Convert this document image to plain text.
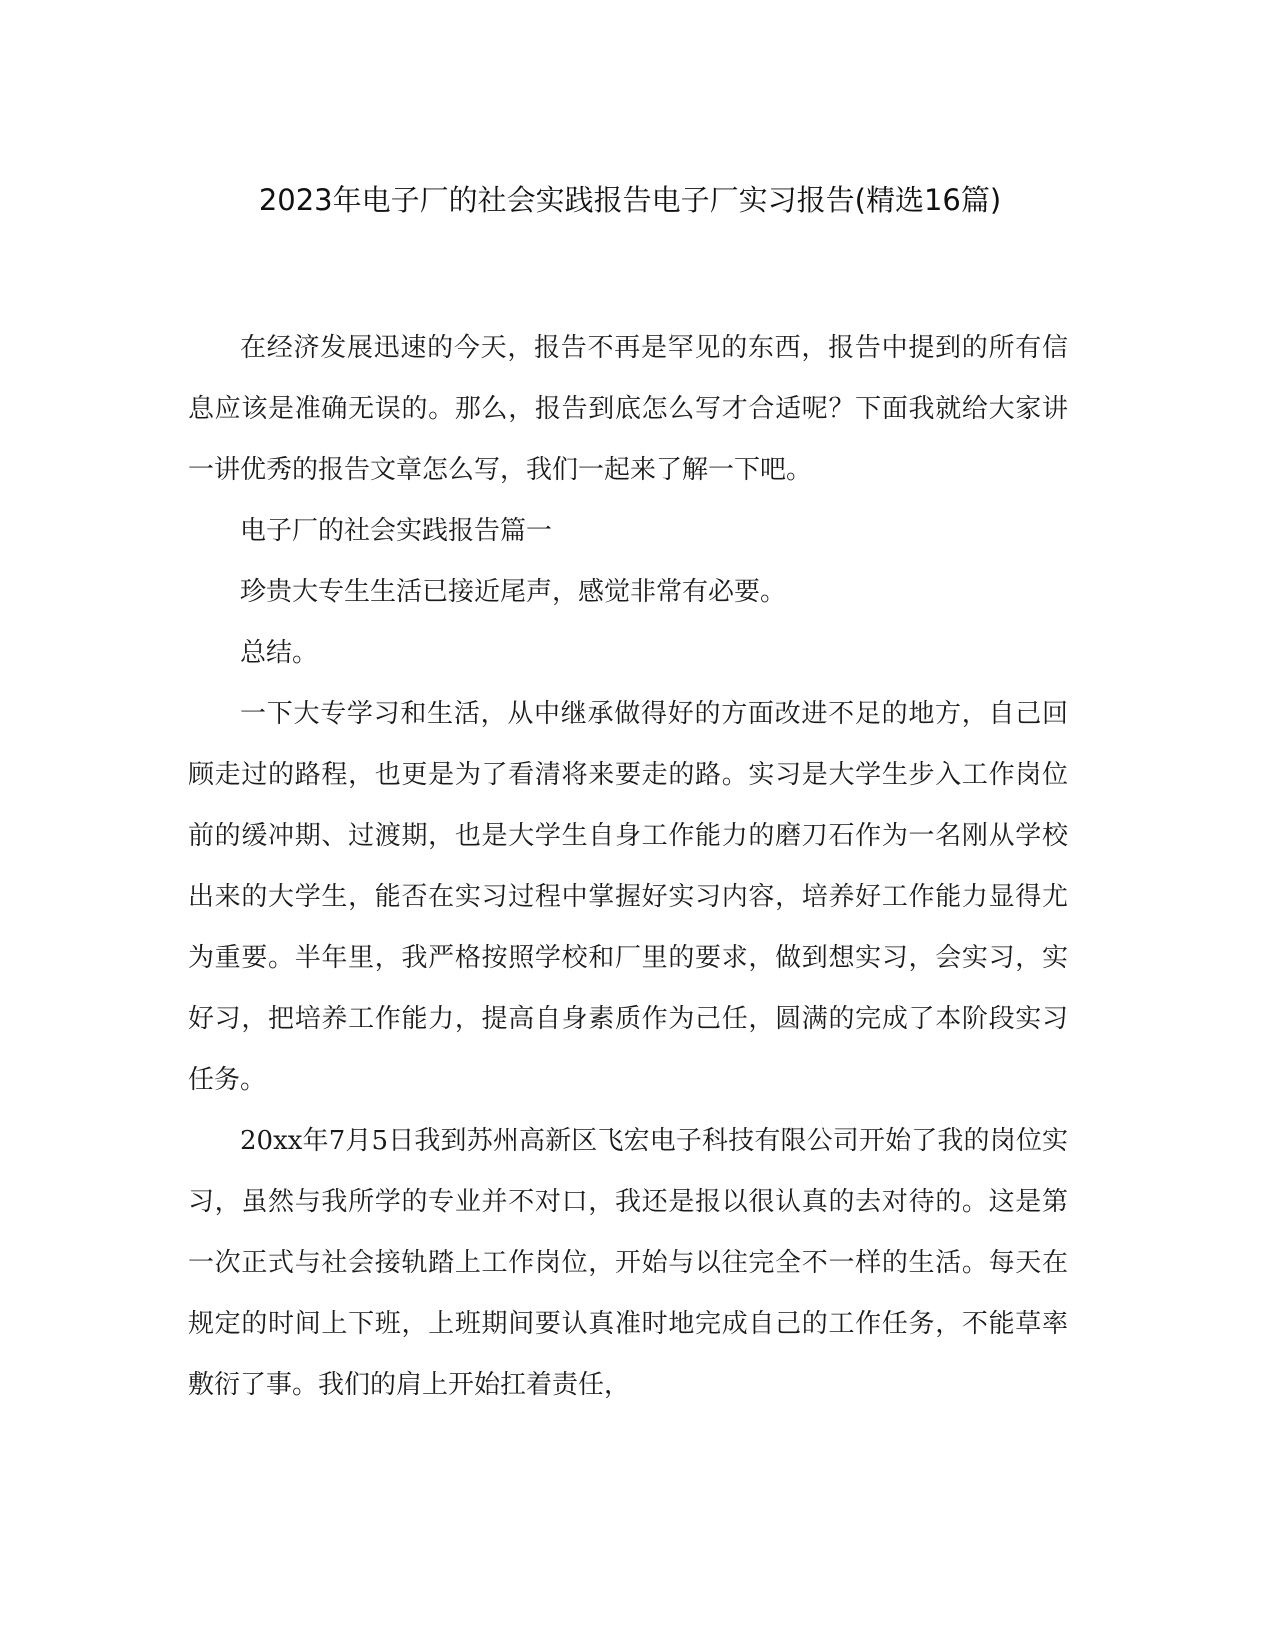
2023年电子厂的社会实践报告电子厂实习报告(精选16篇)

在经济发展迅速的今天，报告不再是罕见的东西，报告中提到的所有信息应该是准确无误的。那么，报告到底怎么写才合适呢？下面我就给大家讲一讲优秀的报告文章怎么写，我们一起来了解一下吧。

电子厂的社会实践报告篇一

珍贵大专生生活已接近尾声，感觉非常有必要。

总结。

一下大专学习和生活，从中继承做得好的方面改进不足的地方，自己回顾走过的路程，也更是为了看清将来要走的路。实习是大学生步入工作岗位前的缓冲期、过渡期，也是大学生自身工作能力的磨刀石作为一名刚从学校出来的大学生，能否在实习过程中掌握好实习内容，培养好工作能力显得尤为重要。半年里，我严格按照学校和厂里的要求，做到想实习，会实习，实好习，把培养工作能力，提高自身素质作为己任，圆满的完成了本阶段实习任务。

20xx年7月5日我到苏州高新区飞宏电子科技有限公司开始了我的岗位实习，虽然与我所学的专业并不对口，我还是报以很认真的去对待的。这是第一次正式与社会接轨踏上工作岗位，开始与以往完全不一样的生活。每天在规定的时间上下班，上班期间要认真准时地完成自己的工作任务，不能草率敷衍了事。我们的肩上开始扛着责任，
